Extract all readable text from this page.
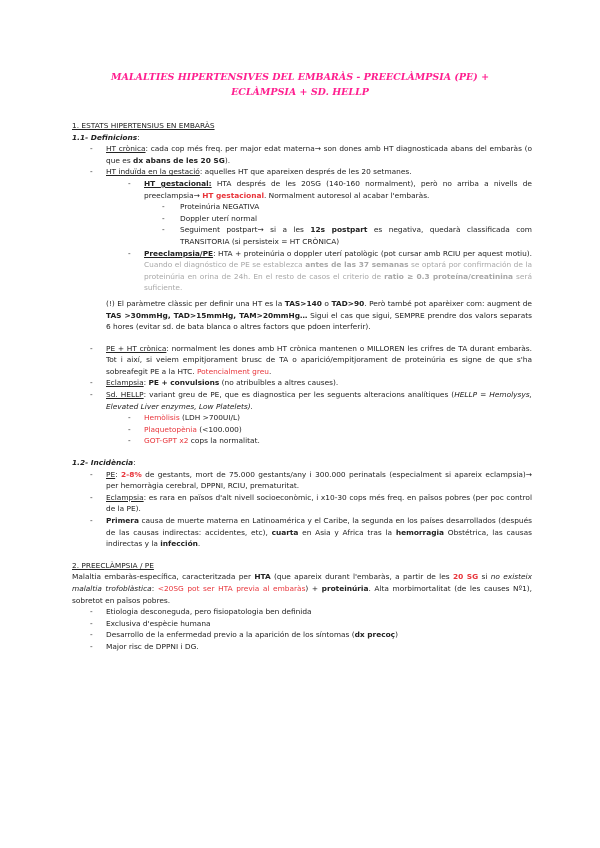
MALALTIES HIPERTENSIVES DEL EMBARÀS - PREECLÀMPSIA (PE) + ECLÀMPSIA + SD. HELLP
1. ESTATS HIPERTENSIUS EN EMBARÀS
1.1- Definicions:
- HT crònica: cada cop més freq. per major edat materna→ son dones amb HT diagnosticada abans del embaràs (o que es dx abans de les 20 SG).
- HT induïda en la gestació: aquelles HT que apareixen després de les 20 setmanes.
- HT gestacional: HTA després de les 20SG (140-160 normalment), però no arriba a nivells de preeclampsia→ HT gestacional. Normalment autoresol al acabar l'embaràs.
- Proteinúria NEGATIVA
- Doppler uterí normal
- Seguiment postpart→ si a les 12s postpart es negativa, quedarà classificada com TRANSITORIA (si persisteix = HT CRÒNICA)
- Preeclampsia/PE: HTA + proteinúria o doppler uterí patològic (pot cursar amb RCIU per aquest motiu). Cuando el diagnóstico de PE se establezca antes de las 37 semanas se optará por confirmación de la proteinúria en orina de 24h. En el resto de casos el criterio de ratio ≥ 0.3 proteína/creatinina será suficiente.
(!) El paràmetre clàssic per definir una HT es la TAS>140 o TAD>90. Però també pot aparèixer com: augment de TAS >30mmHg, TAD>15mmHg, TAM>20mmHg… Sigui el cas que sigui, SEMPRE prendre dos valors separats 6 hores (evitar sd. de bata blanca o altres factors que pdoen interferir).
- PE + HT crònica: normalment les dones amb HT crònica mantenen o MILLOREN les crifres de TA durant embaràs. Tot i així, si veiem empitjorament brusc de TA o aparició/empitjorament de proteinúria es signe de que s'ha sobreafegit PE a la HTC. Potencialment greu.
- Eclampsia: PE + convulsions (no atribuïbles a altres causes).
- Sd. HELLP: variant greu de PE, que es diagnostica per les seguents alteracions analítiques (HELLP = Hemolysys, Elevated Liver enzymes, Low Platelets).
- Hemòlisis (LDH >700UI/L)
- Plaquetopènia (<100.000)
- GOT-GPT x2 cops la normalitat.
1.2- Incidència:
- PE: 2-8% de gestants, mort de 75.000 gestants/any i 300.000 perinatals (especialment si apareix eclampsia)→ per hemorràgia cerebral, DPPNI, RCIU, prematuritat.
- Eclampsia: es rara en països d'alt nivell socioeconòmic, i x10-30 cops més freq. en països pobres (per poc control de la PE).
- Primera causa de muerte materna en Latinoamérica y el Caribe, la segunda en los países desarrollados (después de las causas indirectas: accidentes, etc), cuarta en Asia y Africa tras la hemorragia Obstétrica, las causas indirectas y la infección.
2. PREECLÀMPSIA / PE
Malaltia embaràs-específica, caracteritzada per HTA (que apareix durant l'embaràs, a partir de les 20 SG si no existeix malaltia trofoblàstica: <20SG pot ser HTA previa al embaràs) + proteinúria. Alta morbimortalitat (de les causes Nº1), sobretot en països pobres.
- Etiologia desconeguda, pero fisiopatologia ben definida
- Exclusiva d'espècie humana
- Desarrollo de la enfermedad previo a la aparición de los síntomas (dx precoç)
- Major risc de DPPNI i DG.
